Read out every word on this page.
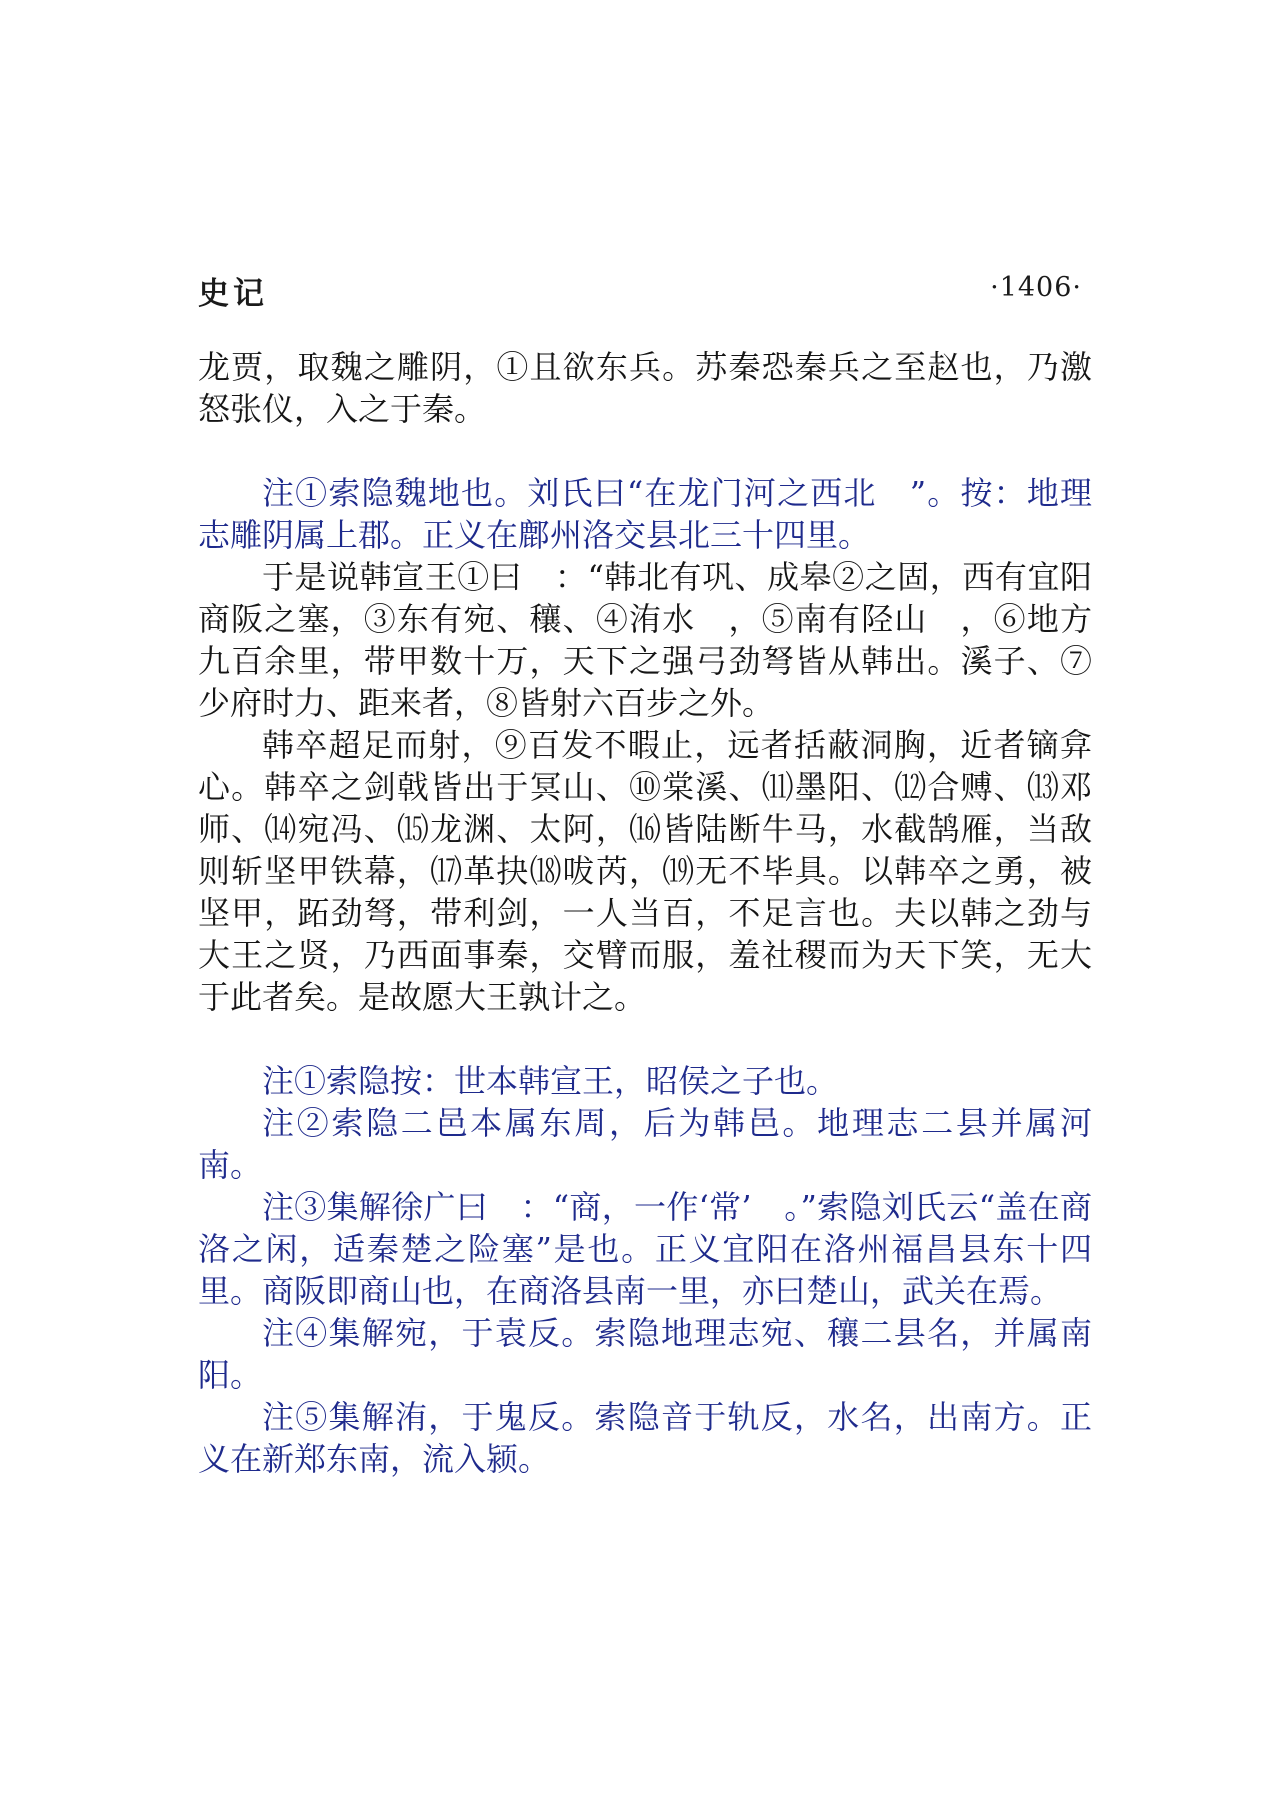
史记	·1406·

龙贾，取魏之雕阴，①且欲东兵。苏秦恐秦兵之至赵也，乃激怒张仪，入之于秦。

注①索隐魏地也。刘氏曰“在龙门河之西北　”。按：地理志雕阴属上郡。正义在鄜州洛交县北三十四里。

于是说韩宣王①曰　：“韩北有巩、成皋②之固，西有宜阳商阪之塞，③东有宛、穰、④洧水　，⑤南有陉山　，⑥地方九百余里，带甲数十万，天下之强弓劲弩皆从韩出。溪子、⑦少府时力、距来者，⑧皆射六百步之外。

韩卒超足而射，⑨百发不暇止，远者括蔽洞胸，近者镝弇心。韩卒之剑戟皆出于冥山、⑩棠溪、⑾墨阳、⑿合赙、⒀邓师、⒁宛冯、⒂龙渊、太阿，⒃皆陆断牛马，水截鹄雁，当敌则斩坚甲铁幕，⒄革抉⒅㕹芮，⒆无不毕具。以韩卒之勇，被坚甲，跖劲弩，带利剑，一人当百，不足言也。夫以韩之劲与大王之贤，乃西面事秦，交臂而服，羞社稷而为天下笑，无大于此者矣。是故愿大王孰计之。

注①索隐按：世本韩宣王，昭侯之子也。

注②索隐二邑本属东周，后为韩邑。地理志二县并属河南。

注③集解徐广曰　：“商，一作‘常’　。”索隐刘氏云“盖在商洛之闲，适秦楚之险塞”是也。正义宜阳在洛州福昌县东十四里。商阪即商山也，在商洛县南一里，亦曰楚山，武关在焉。

注④集解宛，于袁反。索隐地理志宛、穰二县名，并属南阳。

注⑤集解洧，于鬼反。索隐音于轨反，水名，出南方。正义在新郑东南，流入颍。
